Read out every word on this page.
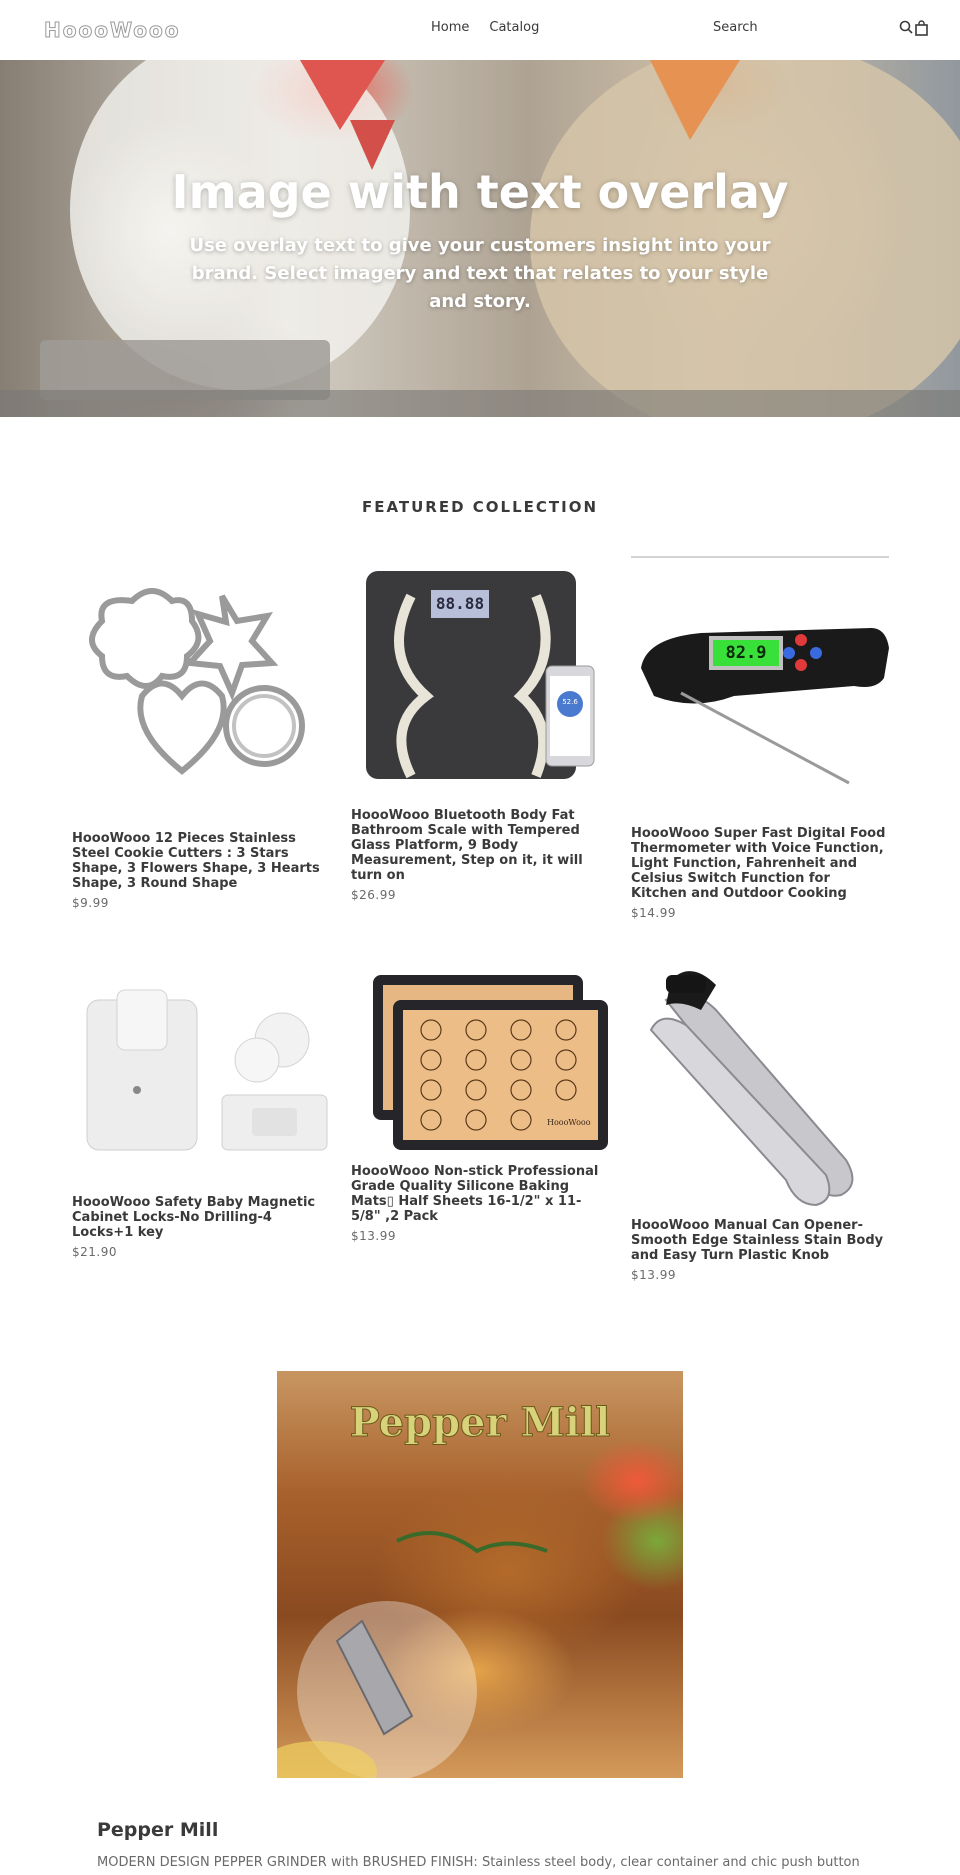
HoooWooo	Home Catalog	Search
Image with text overlay
Use overlay text to give your customers insight into your brand. Select imagery and text that relates to your style and story.
FEATURED COLLECTION
HoooWooo 12 Pieces Stainless Steel Cookie Cutters : 3 Stars Shape, 3 Flowers Shape, 3 Hearts Shape, 3 Round Shape
$9.99
88.88
52.6
HoooWooo Bluetooth Body Fat Bathroom Scale with Tempered Glass Platform, 9 Body Measurement, Step on it, it will turn on
$26.99
82.9
HoooWooo Super Fast Digital Food Thermometer with Voice Function, Light Function, Fahrenheit and Celsius Switch Function for Kitchen and Outdoor Cooking
$14.99
HoooWooo Safety Baby Magnetic Cabinet Locks-No Drilling-4 Locks+1 key
$21.90
HoooWooo
HoooWooo Non-stick Professional Grade Quality Silicone Baking Mats▯ Half Sheets 16-1/2" x 11-5/8" ,2 Pack
$13.99
HoooWooo Manual Can Opener-Smooth Edge Stainless Stain Body and Easy Turn Plastic Knob
$13.99
Pepper Mill
Pepper Mill
MODERN DESIGN PEPPER GRINDER with BRUSHED FINISH: Stainless steel body, clear container and chic push button
